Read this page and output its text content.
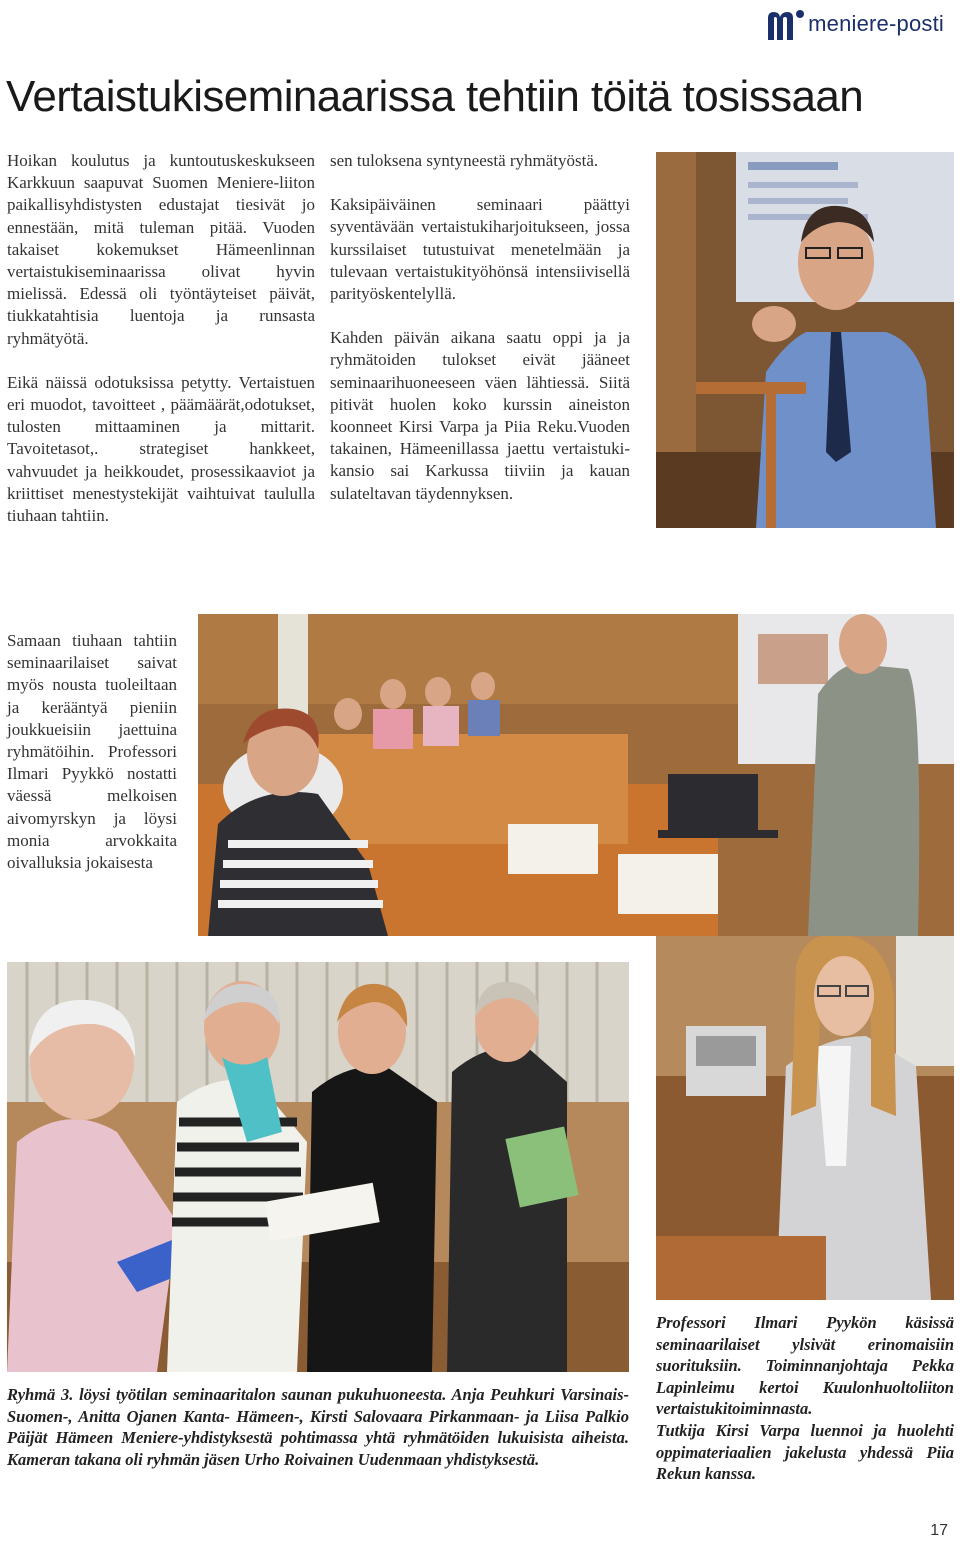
meniere-posti
Vertaistukiseminaarissa tehtiin töitä tosissaan

Hoikan koulutus ja kuntoutuskeskukseen Karkkuun saapuvat Suomen Meniere-liiton paikallisyhdistysten edustajat tiesivät jo ennestään, mitä tuleman pitää. Vuoden takaiset kokemukset Hämeenlinnan vertaistukiseminaarissa olivat hyvin mielissä. Edessä oli työntäyteiset päivät, tiukkatahtisia luentoja ja runsasta ryhmätyötä.

Eikä näissä odotuksissa petytty. Vertaistuen eri muodot, tavoitteet , päämäärät,odotukset, tulosten mittaaminen ja mittarit. Tavoitetasot,. strategiset hankkeet, vahvuudet ja heikkoudet, prosessikaaviot ja kriittiset menestystekijät vaihtuivat taululla tiuhaan tahtiin.

sen tuloksena syntyneestä ryhmätyöstä.

Kaksipäiväinen seminaari päättyi syventävään vertaistukiharjoitukseen, jossa kurssilaiset tutustuivat menetelmään ja tulevaan vertaistukityöhönsä intensiivisellä parityöskentelyllä.

Kahden päivän aikana saatu oppi ja ja ryhmätoiden tulokset eivät jääneet seminaarihuoneeseen väen lähtiessä. Siitä pitivät huolen koko kurssin aineiston koonneet Kirsi Varpa ja Piia Reku.Vuoden takainen, Hämeenillassa jaettu vertaistuki-kansio sai Karkussa tiiviin ja kauan sulateltavan täydennyksen.

Samaan tiuhaan tahtiin seminaarilaiset saivat myös nousta tuoleiltaan ja kerääntyä pieniin joukkueisiin jaettuina ryhmätöihin. Professori Ilmari Pyykkö nostatti väessä melkoisen aivomyrskyn ja löysi monia arvokkaita oivalluksia jokaisesta

Ryhmä 3. löysi työtilan seminaaritalon saunan pukuhuoneesta. Anja Peuhkuri Varsinais-Suomen-, Anitta Ojanen Kanta- Hämeen-, Kirsti Salovaara Pirkanmaan- ja Liisa Palkio Päijät Hämeen Meniere-yhdistyksestä pohtimassa yhtä ryhmätöiden lukuisista aiheista. Kameran takana oli ryhmän jäsen Urho Roivainen Uudenmaan yhdistyksestä.

Professori Ilmari Pyykön käsissä seminaarilaiset ylsivät erinomaisiin suorituksiin. Toiminnanjohtaja Pekka Lapinleimu kertoi Kuulonhuoltoliiton vertaistukitoiminnasta.

Tutkija Kirsi Varpa luennoi ja huolehti oppimateriaalien jakelusta yhdessä Piia Rekun kanssa.

17
